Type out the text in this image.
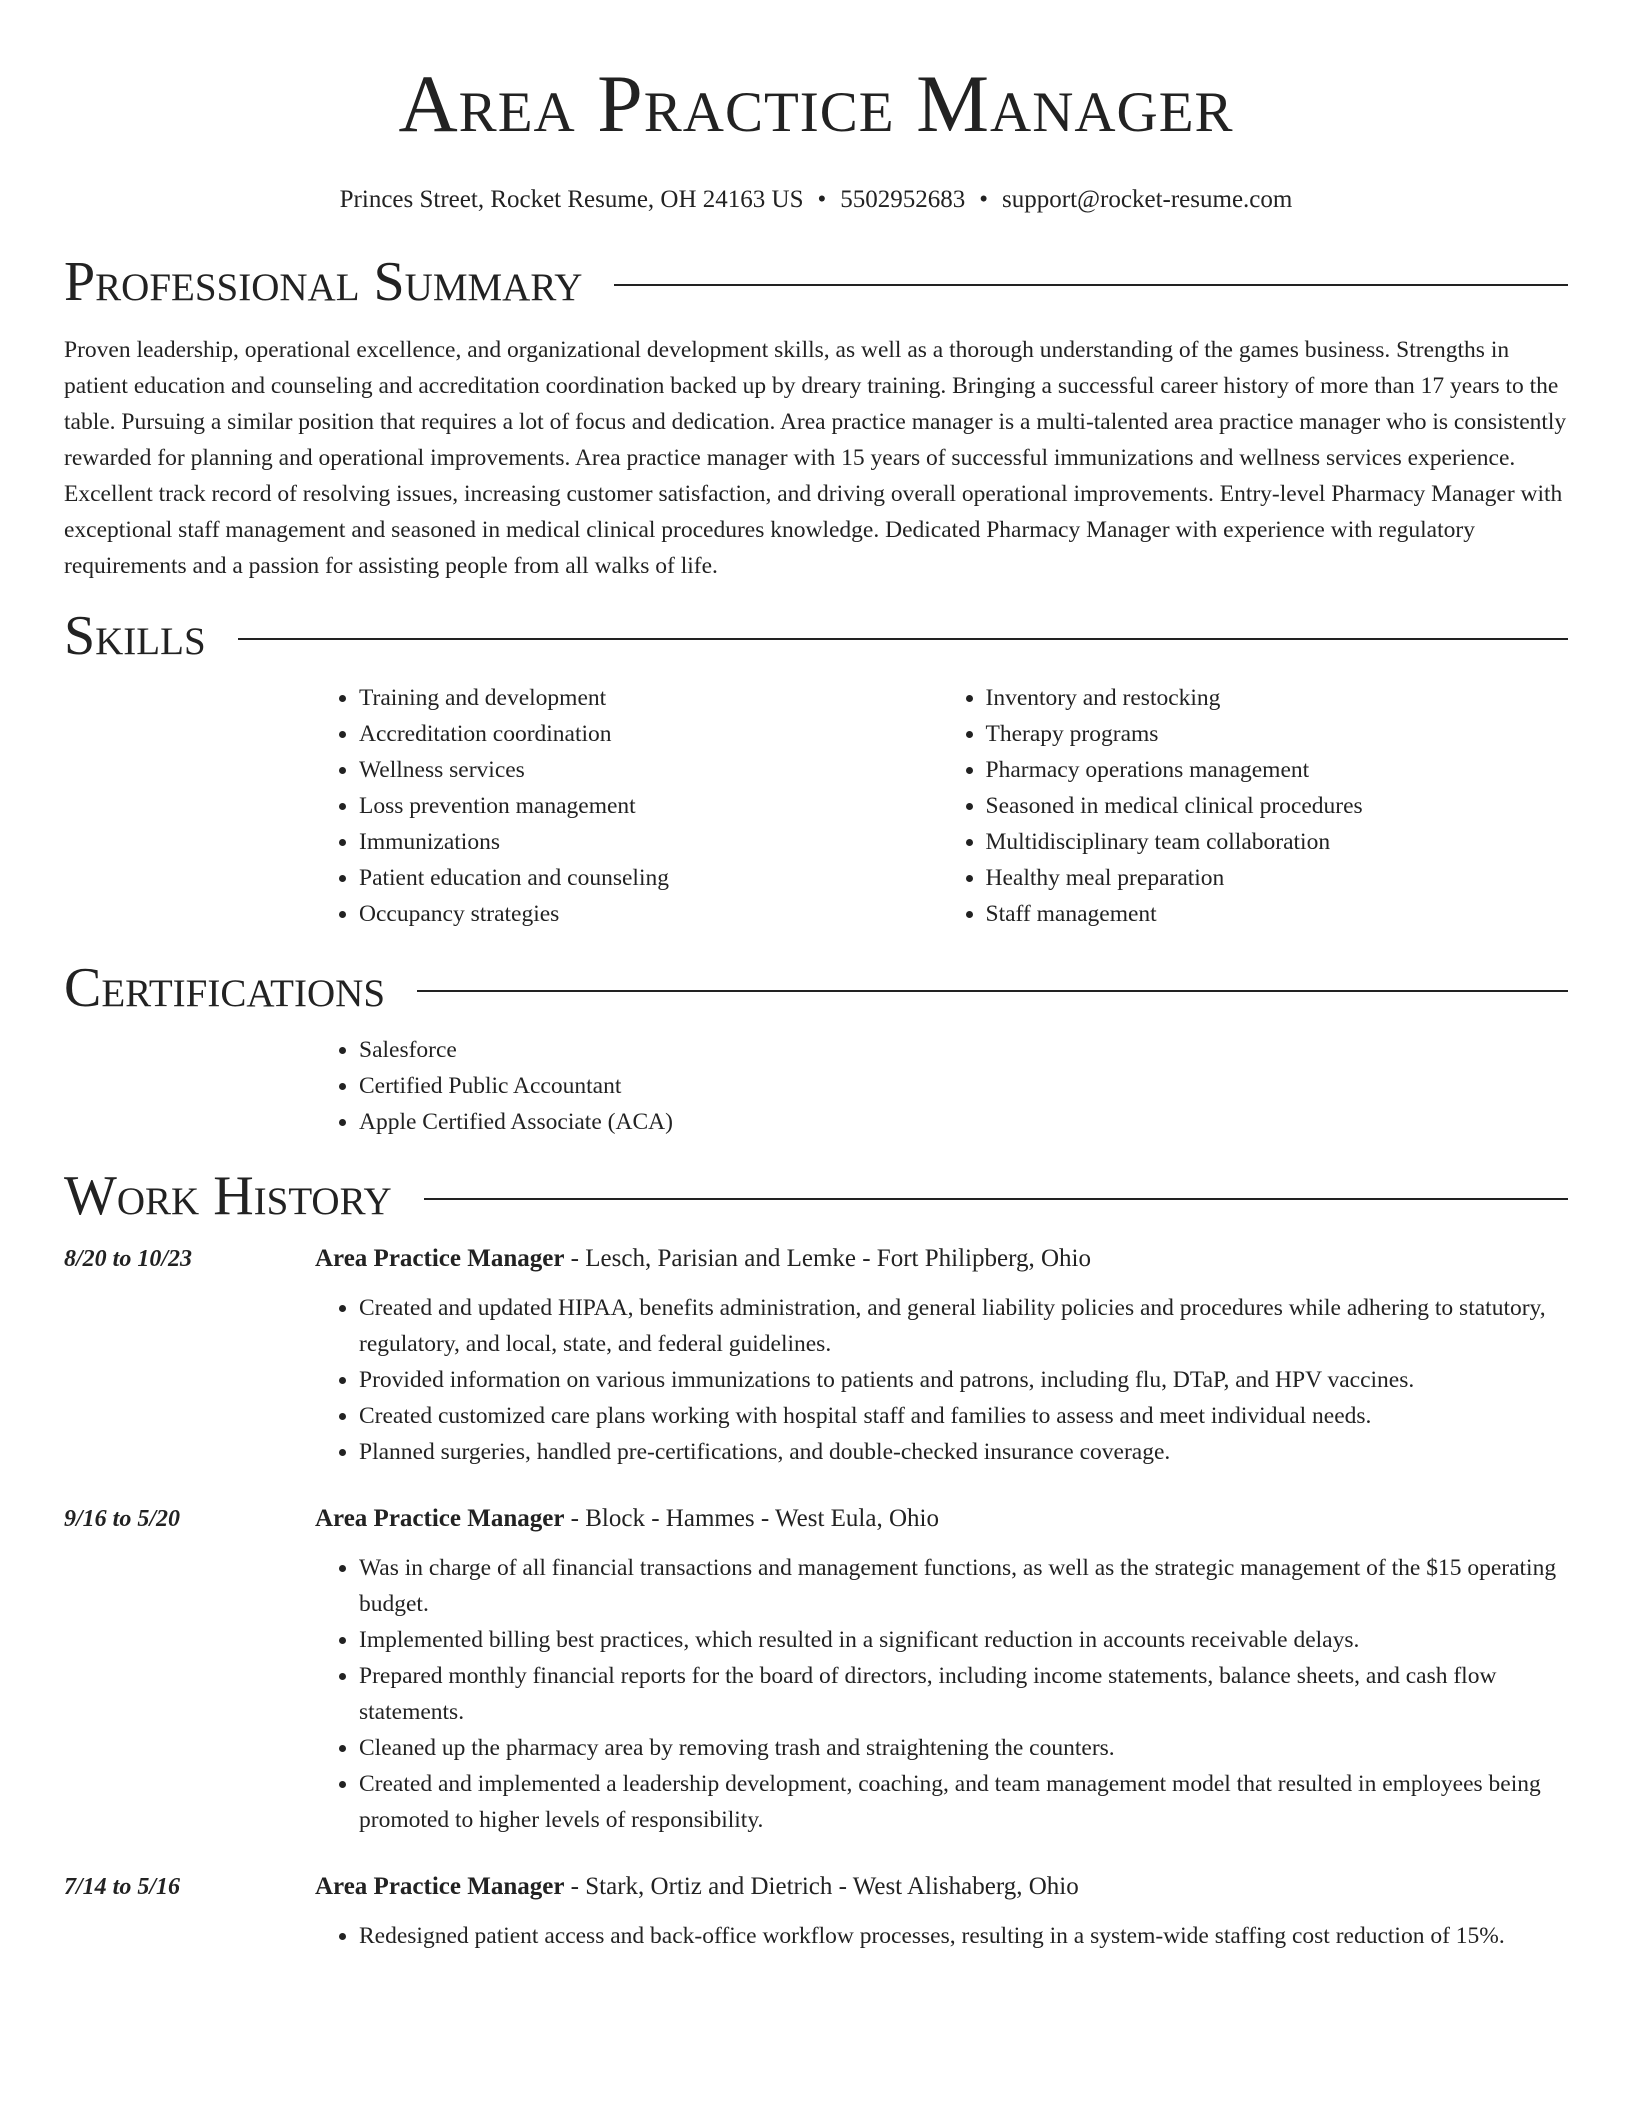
Area Practice Manager
Princes Street, Rocket Resume, OH 24163 US • 5502952683 • support@rocket-resume.com
Professional Summary

Proven leadership, operational excellence, and organizational development skills, as well as a thorough understanding of the games business. Strengths in patient education and counseling and accreditation coordination backed up by dreary training. Bringing a successful career history of more than 17 years to the table. Pursuing a similar position that requires a lot of focus and dedication. Area practice manager is a multi-talented area practice manager who is consistently rewarded for planning and operational improvements. Area practice manager with 15 years of successful immunizations and wellness services experience. Excellent track record of resolving issues, increasing customer satisfaction, and driving overall operational improvements. Entry-level Pharmacy Manager with exceptional staff management and seasoned in medical clinical procedures knowledge. Dedicated Pharmacy Manager with experience with regulatory requirements and a passion for assisting people from all walks of life.

Skills
• Training and development
• Accreditation coordination
• Wellness services
• Loss prevention management
• Immunizations
• Patient education and counseling
• Occupancy strategies
• Inventory and restocking
• Therapy programs
• Pharmacy operations management
• Seasoned in medical clinical procedures
• Multidisciplinary team collaboration
• Healthy meal preparation
• Staff management
Certifications
• Salesforce
• Certified Public Accountant
• Apple Certified Associate (ACA)
Work History
8/20 to 10/23	Area Practice Manager - Lesch, Parisian and Lemke - Fort Philipberg, Ohio
• Created and updated HIPAA, benefits administration, and general liability policies and procedures while adhering to statutory, regulatory, and local, state, and federal guidelines.
• Provided information on various immunizations to patients and patrons, including flu, DTaP, and HPV vaccines.
• Created customized care plans working with hospital staff and families to assess and meet individual needs.
• Planned surgeries, handled pre-certifications, and double-checked insurance coverage.
9/16 to 5/20	Area Practice Manager - Block - Hammes - West Eula, Ohio
• Was in charge of all financial transactions and management functions, as well as the strategic management of the $15 operating budget.
• Implemented billing best practices, which resulted in a significant reduction in accounts receivable delays.
• Prepared monthly financial reports for the board of directors, including income statements, balance sheets, and cash flow statements.
• Cleaned up the pharmacy area by removing trash and straightening the counters.
• Created and implemented a leadership development, coaching, and team management model that resulted in employees being promoted to higher levels of responsibility.
7/14 to 5/16	Area Practice Manager - Stark, Ortiz and Dietrich - West Alishaberg, Ohio
• Redesigned patient access and back-office workflow processes, resulting in a system-wide staffing cost reduction of 15%.
